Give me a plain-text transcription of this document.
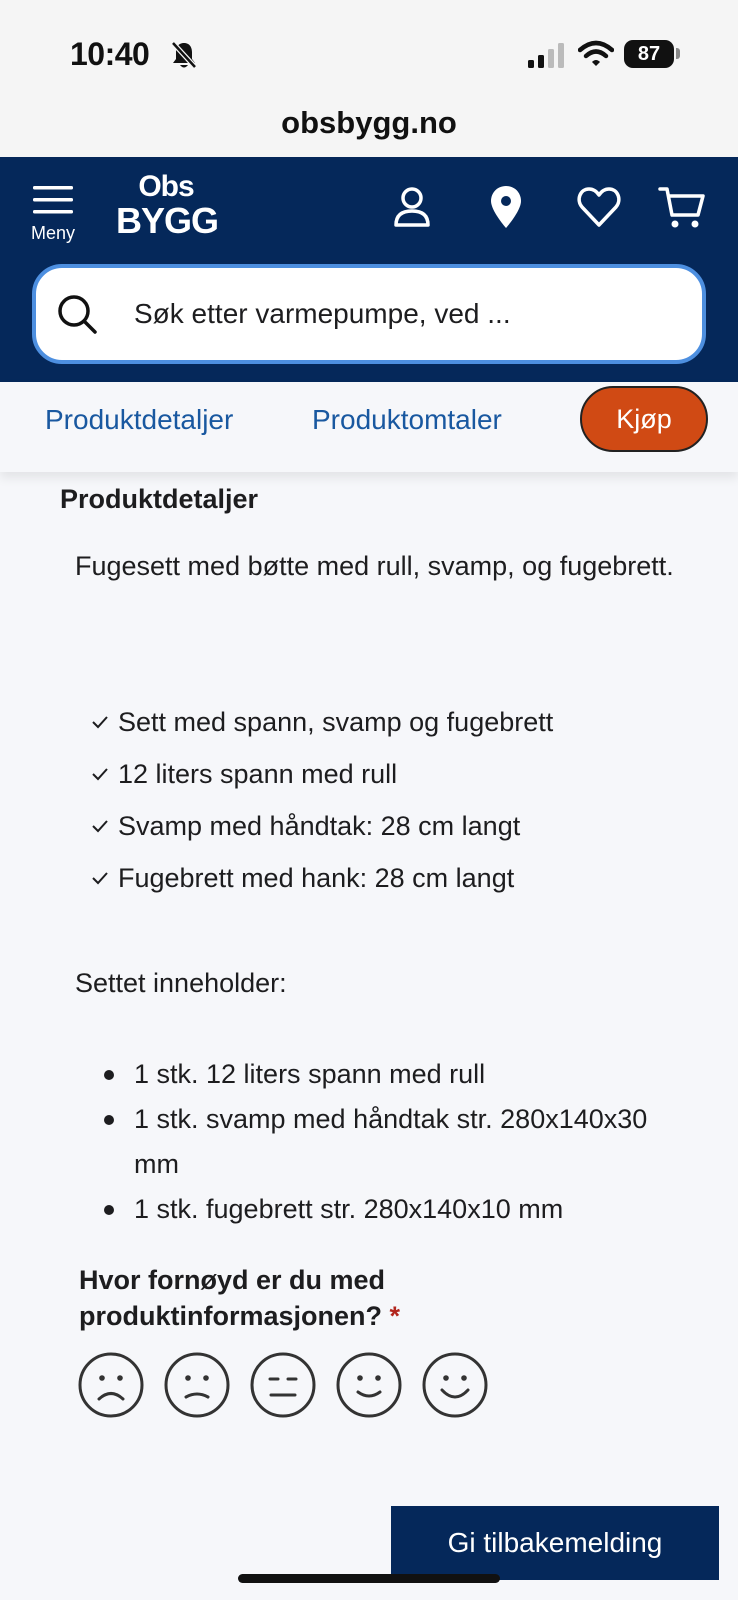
10:40	87
obsbygg.no
Meny
Obs
BYGG
Søk etter varmepumpe, ved ...
Produktdetaljer	Produktomtaler	Kjøp
Produktdetaljer
Fugesett med bøtte med rull, svamp, og fugebrett.
Sett med spann, svamp og fugebrett
12 liters spann med rull
Svamp med håndtak: 28 cm langt
Fugebrett med hank: 28 cm langt
Settet inneholder:
1 stk. 12 liters spann med rull
1 stk. svamp med håndtak str. 280x140x30 mm
1 stk. fugebrett str. 280x140x10 mm
Hvor fornøyd er du med produktinformasjonen? *
Gi tilbakemelding
